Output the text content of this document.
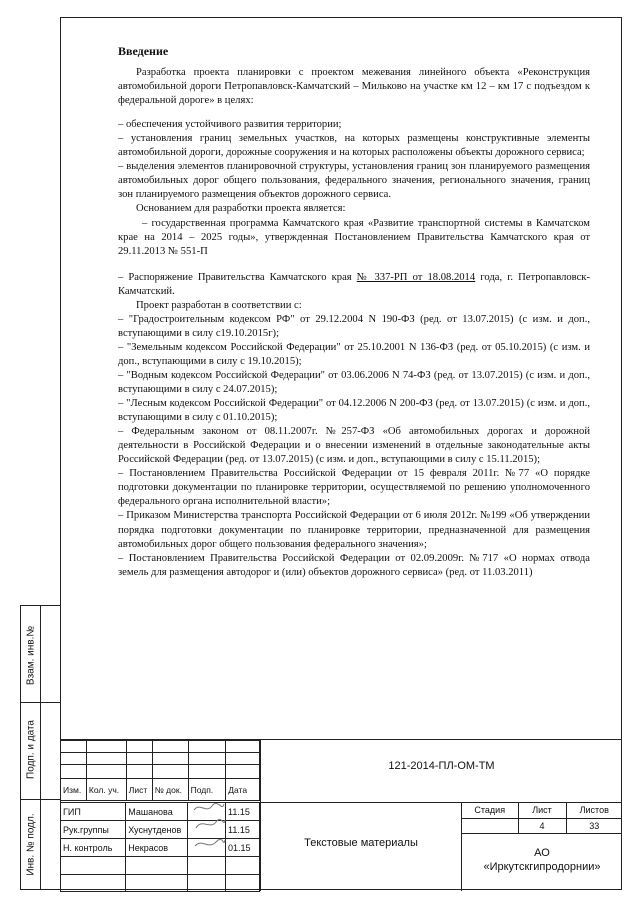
Введение
Разработка проекта планировки с проектом межевания линейного объекта «Реконструкция автомобильной дороги Петропавловск-Камчатский – Мильково на участке км 12 – км 17 с подъездом к федеральной дороге» в целях:
– обеспечения устойчивого развития территории;
– установления границ земельных участков, на которых размещены конструктивные элементы автомобильной дороги, дорожные сооружения и на которых расположены объекты дорожного сервиса;
– выделения элементов планировочной структуры, установления границ зон планируемого размещения автомобильных дорог общего пользования, федерального значения, регионального значения, границ зон планируемого размещения объектов дорожного сервиса.
Основанием для разработки проекта является:
– государственная программа Камчатского края «Развитие транспортной системы в Камчатском крае на 2014 – 2025 годы», утвержденная Постановлением Правительства Камчатского края от 29.11.2013 № 551-П
– Распоряжение Правительства Камчатского края № 337-РП от 18.08.2014 года, г. Петропавловск-Камчатский.
Проект разработан в соответствии с:
– "Градостроительным кодексом РФ" от 29.12.2004 N 190-ФЗ (ред. от 13.07.2015) (с изм. и доп., вступающими в силу с19.10.2015г);
– "Земельным кодексом Российской Федерации" от 25.10.2001 N 136-ФЗ (ред. от 05.10.2015) (с изм. и доп., вступающими в силу с 19.10.2015);
– "Водным кодексом Российской Федерации" от 03.06.2006 N 74-ФЗ (ред. от 13.07.2015) (с изм. и доп., вступающими в силу с 24.07.2015);
– "Лесным кодексом Российской Федерации" от 04.12.2006 N 200-ФЗ (ред. от 13.07.2015) (с изм. и доп., вступающими в силу с 01.10.2015);
– Федеральным законом от 08.11.2007г. №257-ФЗ «Об автомобильных дорогах и дорожной деятельности в Российской Федерации и о внесении изменений в отдельные законодательные акты Российской Федерации (ред. от 13.07.2015) (с изм. и доп., вступающими в силу с 15.11.2015);
– Постановлением Правительства Российской Федерации от 15 февраля 2011г. №77 «О порядке подготовки документации по планировке территории, осуществляемой по решению уполномоченного федерального органа исполнительной власти»;
– Приказом Министерства транспорта Российской Федерации от 6 июля 2012г. №199 «Об утверждении порядка подготовки документации по планировке территории, предназначенной для размещения автомобильных дорог общего пользования федерального значения»;
– Постановлением Правительства Российской Федерации от 02.09.2009г. №717 «О нормах отвода земель для размещения автодорог и (или) объектов дорожного сервиса» (ред. от 11.03.2011)
Взам. инв.№
Подп. и дата
Инв. № подл.

Изм.	Кол. уч.	Лист	№ док.	Подп.	Дата
ГИП	Машанова		11.15
Рук.группы	Хуснутденов		11.15
Н. контроль	Некрасов		01.15

121-2014-ПЛ-ОМ-ТМ
Текстовые материалы
Стадия	Лист	Листов
	4	33
АО
«Иркутскгипродорнии»
